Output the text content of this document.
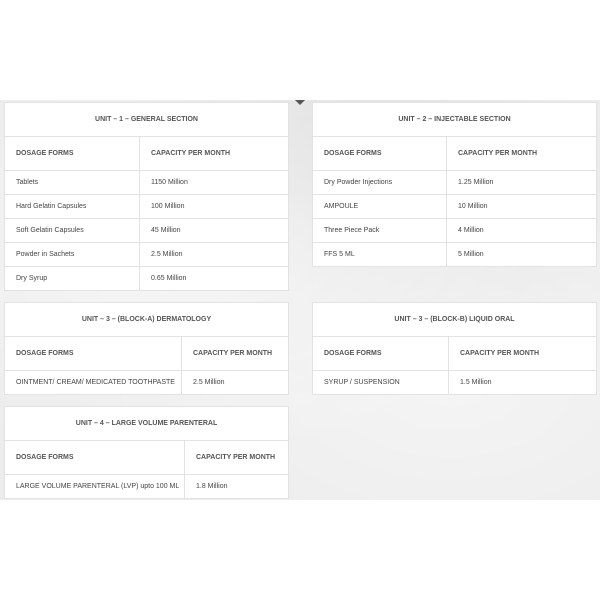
UNIT – 1 – GENERAL SECTION	
DOSAGE FORMS	CAPACITY PER MONTH
Tablets	1150 Million
Hard Gelatin Capsules	100 Million
Soft Gelatin Capsules	45 Million
Powder in Sachets	2.5 Million
Dry Syrup	0.65 Million
UNIT – 2 – INJECTABLE SECTION	
DOSAGE FORMS	CAPACITY PER MONTH
Dry Powder Injections	1.25 Million
AMPOULE	10 Million
Three Piece Pack	4 Million
FFS 5 ML	5 Million
UNIT – 3 – (BLOCK-A) DERMATOLOGY	
DOSAGE FORMS	CAPACITY PER MONTH
OINTMENT/ CREAM/ MEDICATED TOOTHPASTE	2.5 Million
UNIT – 3 – (BLOCK-B) LIQUID ORAL	
DOSAGE FORMS	CAPACITY PER MONTH
SYRUP / SUSPENSION	1.5 Million
UNIT – 4 – LARGE VOLUME PARENTERAL	
DOSAGE FORMS	CAPACITY PER MONTH
LARGE VOLUME PARENTERAL (LVP) upto 100 ML	1.8 Million
